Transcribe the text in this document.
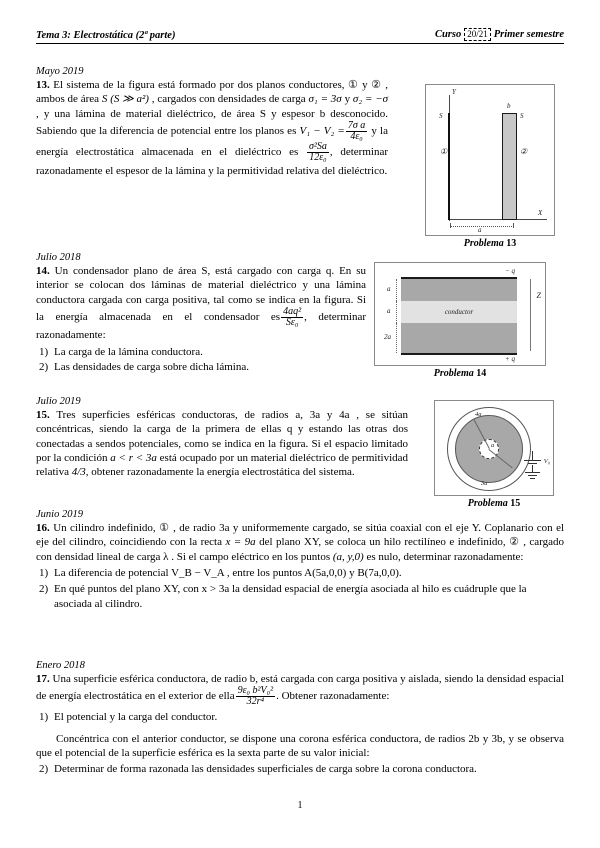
Tema 3: Electrostática (2ª parte)	Curso 20/21 Primer semestre
Mayo 2019
13. El sistema de la figura está formado por dos planos conductores, ① y ② , ambos de área S (S ≫ a²) , cargados con densidades de carga σ₁ = 3σ y σ₂ = −σ , y una lámina de material dieléctrico, de área S y espesor b desconocido. Sabiendo que la diferencia de potencial entre los planos es $V_1 - V_2 = \frac{\text{7σ a}}{\text{4ε₀}}$ y la energía electrostática almacenada en el dieléctrico es $\frac{\text{σ²Sa}}{\text{12ε₀}}$ , determinar razonadamente el espesor de la lámina y la permitividad relativa del dieléctrico.
Y
X
S	S
b
①	②
a
Problema 13
Julio 2018
14. Un condensador plano de área S, está cargado con carga q. En su interior se colocan dos láminas de material dieléctrico y una lámina conductora cargada con carga positiva, tal como se indica en la figura. Si la energía almacenada en el condensador es $\frac{\text{4aq²}}{\text{Sε₀}}$ , determinar razonadamente:
1) La carga de la lámina conductora.
2) Las densidades de carga sobre dicha lámina.
conductor
a
a
2a
− q
+ q
Z
Problema 14
Julio 2019
15. Tres superficies esféricas conductoras, de radios a, 3a y 4a , se sitúan concéntricas, siendo la carga de la primera de ellas q y estando las otras dos conectadas a sendos potenciales, como se indica en la figura. Si el espacio limitado por la condición a < r < 3a está ocupado por un material dieléctrico de permitividad relativa 4/3, obtener razonadamente la energía electrostática del sistema.
4a
a
3a
V₀
Problema 15
Junio 2019
16. Un cilindro indefinido, ① , de radio 3a y uniformemente cargado, se sitúa coaxial con el eje Y. Coplanario con el eje del cilindro, coincidiendo con la recta x = 9a del plano XY, se coloca un hilo rectilíneo e indefinido, ② , cargado con densidad lineal de carga λ . Si el campo eléctrico en los puntos (a, y,0) es nulo, determinar razonadamente:
1) La diferencia de potencial V_B − V_A , entre los puntos A(5a,0,0) y B(7a,0,0).
2) En qué puntos del plano XY, con x > 3a la densidad espacial de energía asociada al hilo es cuádruple que la asociada al cilindro.
Enero 2018
17. Una superficie esférica conductora, de radio b, está cargada con carga positiva y aislada, siendo la densidad espacial de energía electrostática en el exterior de ella $\frac{\text{9ε₀ b²V₀²}}{\text{32r⁴}}$ . Obtener razonadamente:
1) El potencial y la carga del conductor.
Concéntrica con el anterior conductor, se dispone una corona esférica conductora, de radios 2b y 3b, y se observa que el potencial de la superficie esférica es la sexta parte de su valor inicial:
2) Determinar de forma razonada las densidades superficiales de carga sobre la corona conductora.
1
